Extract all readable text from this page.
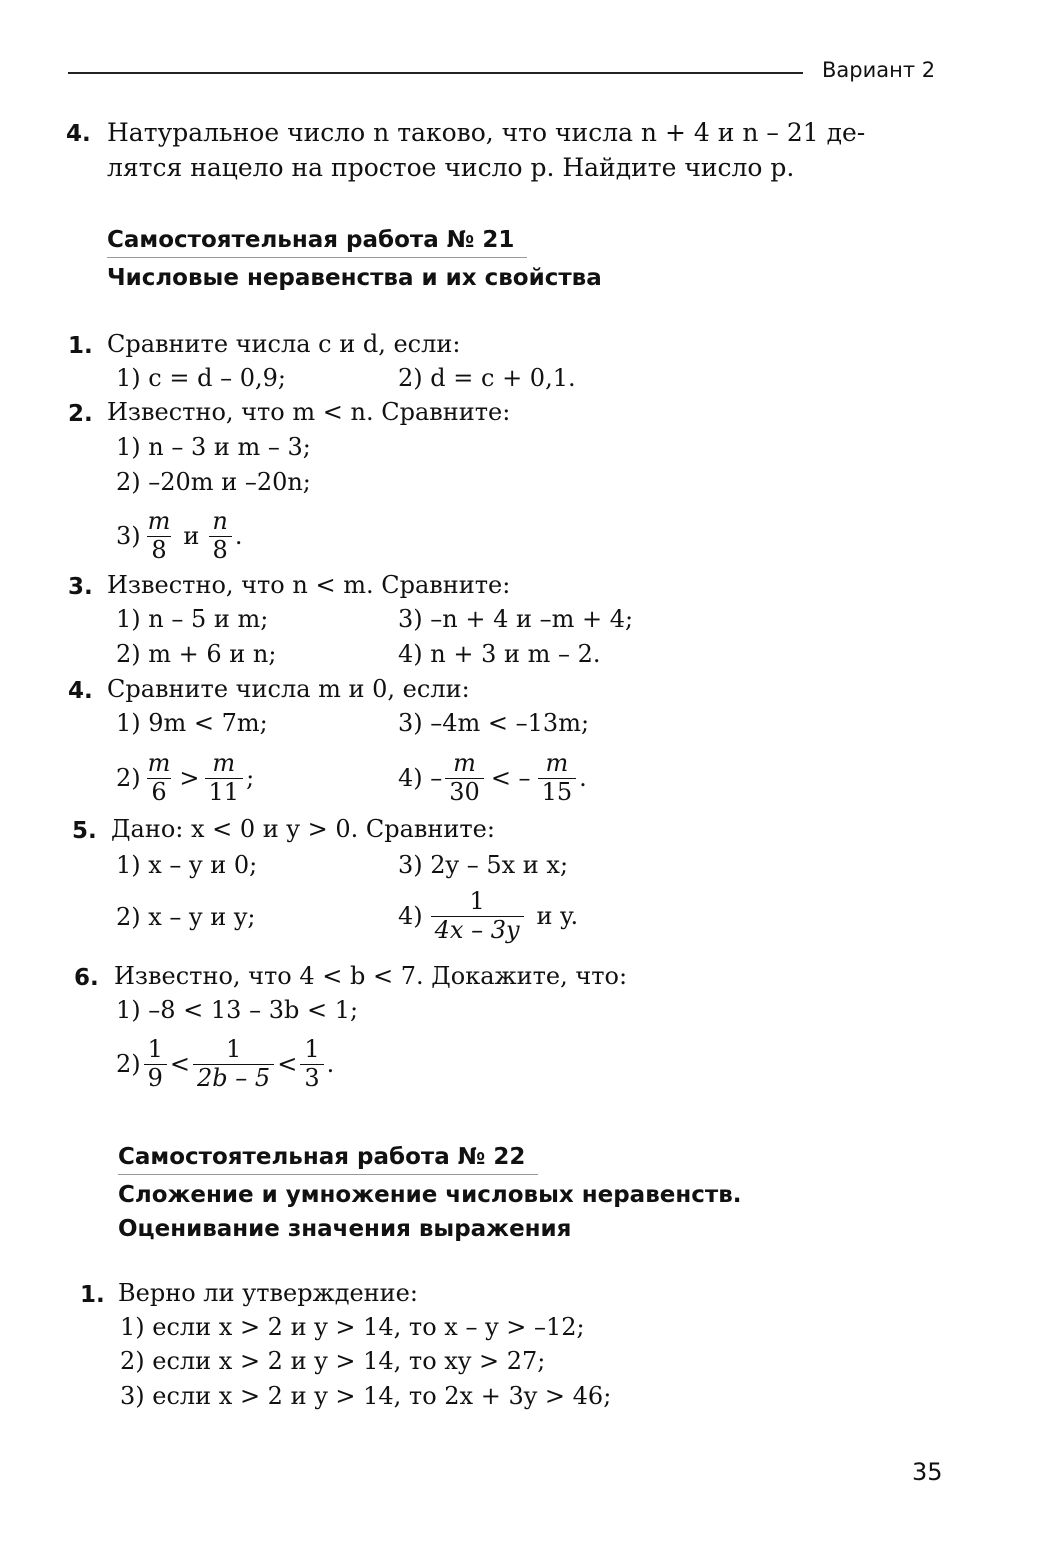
Вариант 2
4. Натуральное число n таково, что числа n + 4 и n – 21 де-
лятся нацело на простое число p. Найдите число p.
Самостоятельная работа № 21
Числовые неравенства и их свойства
1. Сравните числа c и d, если:
1) c = d – 0,9;	2) d = c + 0,1.
2. Известно, что m < n. Сравните:
1) n – 3 и m – 3;
2) –20m и –20n;
$3) \frac{m}{8}$ и $\frac{n}{8}$ .
3. Известно, что n < m. Сравните:
1) n – 5 и m;	3) –n + 4 и –m + 4;
2) m + 6 и n;	4) n + 3 и m – 2.
4. Сравните числа m и 0, если:
1) 9m < 7m;	3) –4m < –13m;
$2) \frac{m}{6} > \frac{m}{11}$ ;	$4) - \frac{m}{30}$ < – $\frac{m}{15}$ .
5. Дано: x < 0 и y > 0. Сравните:
1) x – y и 0;	3) 2y – 5x и x;
2) x – y и y;	$4) \frac{1}{4x - 3y}$ и y.
6. Известно, что 4 < b < 7. Докажите, что:
1) –8 < 13 – 3b < 1;
$2) \frac{1}{9} < \frac{1}{2b - 5} < \frac{1}{3}$ .
Самостоятельная работа № 22
Сложение и умножение числовых неравенств.
Оценивание значения выражения
1. Верно ли утверждение:
1) если x > 2 и y > 14, то x – y > –12;
2) если x > 2 и y > 14, то xy > 27;
3) если x > 2 и y > 14, то 2x + 3y > 46;
35
